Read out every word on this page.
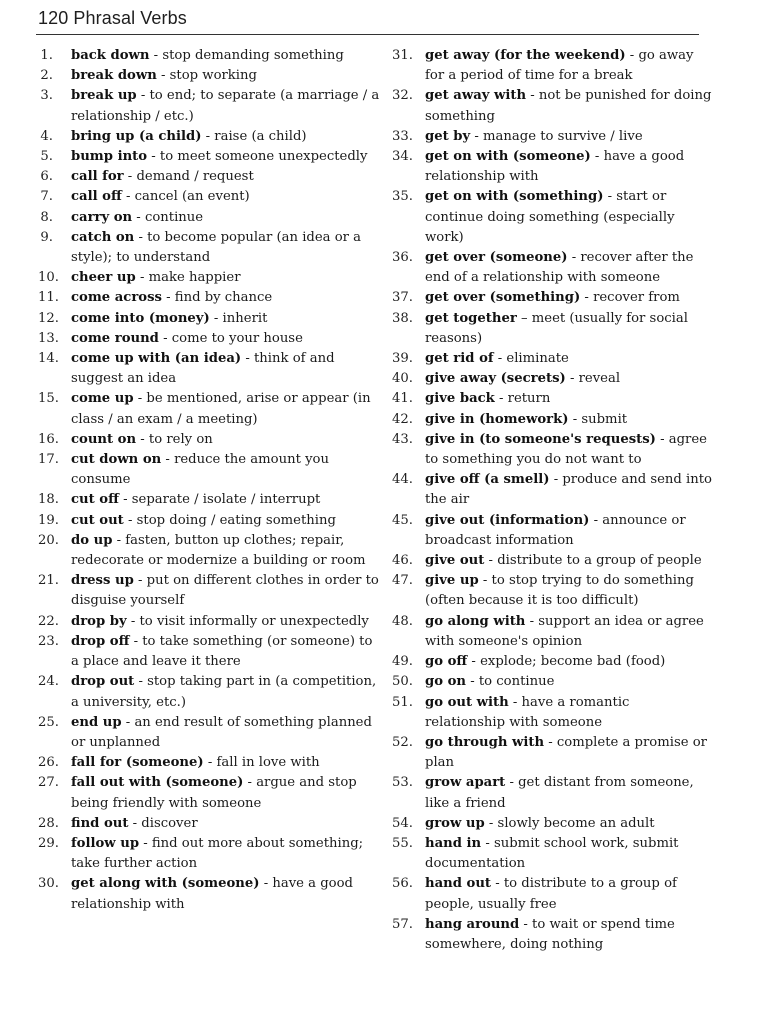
120 Phrasal Verbs
1. back down - stop demanding something
2. break down - stop working
3. break up - to end; to separate (a marriage / a relationship / etc.)
4. bring up (a child) - raise (a child)
5. bump into - to meet someone unexpectedly
6. call for - demand / request
7. call off - cancel (an event)
8. carry on - continue
9. catch on - to become popular (an idea or a style); to understand
10. cheer up - make happier
11. come across - find by chance
12. come into (money) - inherit
13. come round - come to your house
14. come up with (an idea) - think of and suggest an idea
15. come up - be mentioned, arise or appear (in class / an exam / a meeting)
16. count on - to rely on
17. cut down on - reduce the amount you consume
18. cut off - separate / isolate / interrupt
19. cut out - stop doing / eating something
20. do up - fasten, button up clothes; repair, redecorate or modernize a building or room
21. dress up - put on different clothes in order to disguise yourself
22. drop by - to visit informally or unexpectedly
23. drop off - to take something (or someone) to a place and leave it there
24. drop out - stop taking part in (a competition, a university, etc.)
25. end up - an end result of something planned or unplanned
26. fall for (someone) - fall in love with
27. fall out with (someone) - argue and stop being friendly with someone
28. find out - discover
29. follow up - find out more about something; take further action
30. get along with (someone) - have a good relationship with
31. get away (for the weekend) - go away for a period of time for a break
32. get away with - not be punished for doing something
33. get by - manage to survive / live
34. get on with (someone) - have a good relationship with
35. get on with (something) - start or continue doing something (especially work)
36. get over (someone) - recover after the end of a relationship with someone
37. get over (something) - recover from
38. get together – meet (usually for social reasons)
39. get rid of - eliminate
40. give away (secrets) - reveal
41. give back - return
42. give in (homework) - submit
43. give in (to someone's requests) - agree to something you do not want to
44. give off (a smell) - produce and send into the air
45. give out (information) - announce or broadcast information
46. give out - distribute to a group of people
47. give up - to stop trying to do something (often because it is too difficult)
48. go along with - support an idea or agree with someone's opinion
49. go off - explode; become bad (food)
50. go on - to continue
51. go out with - have a romantic relationship with someone
52. go through with - complete a promise or plan
53. grow apart - get distant from someone, like a friend
54. grow up - slowly become an adult
55. hand in - submit school work, submit documentation
56. hand out - to distribute to a group of people, usually free
57. hang around - to wait or spend time somewhere, doing nothing
